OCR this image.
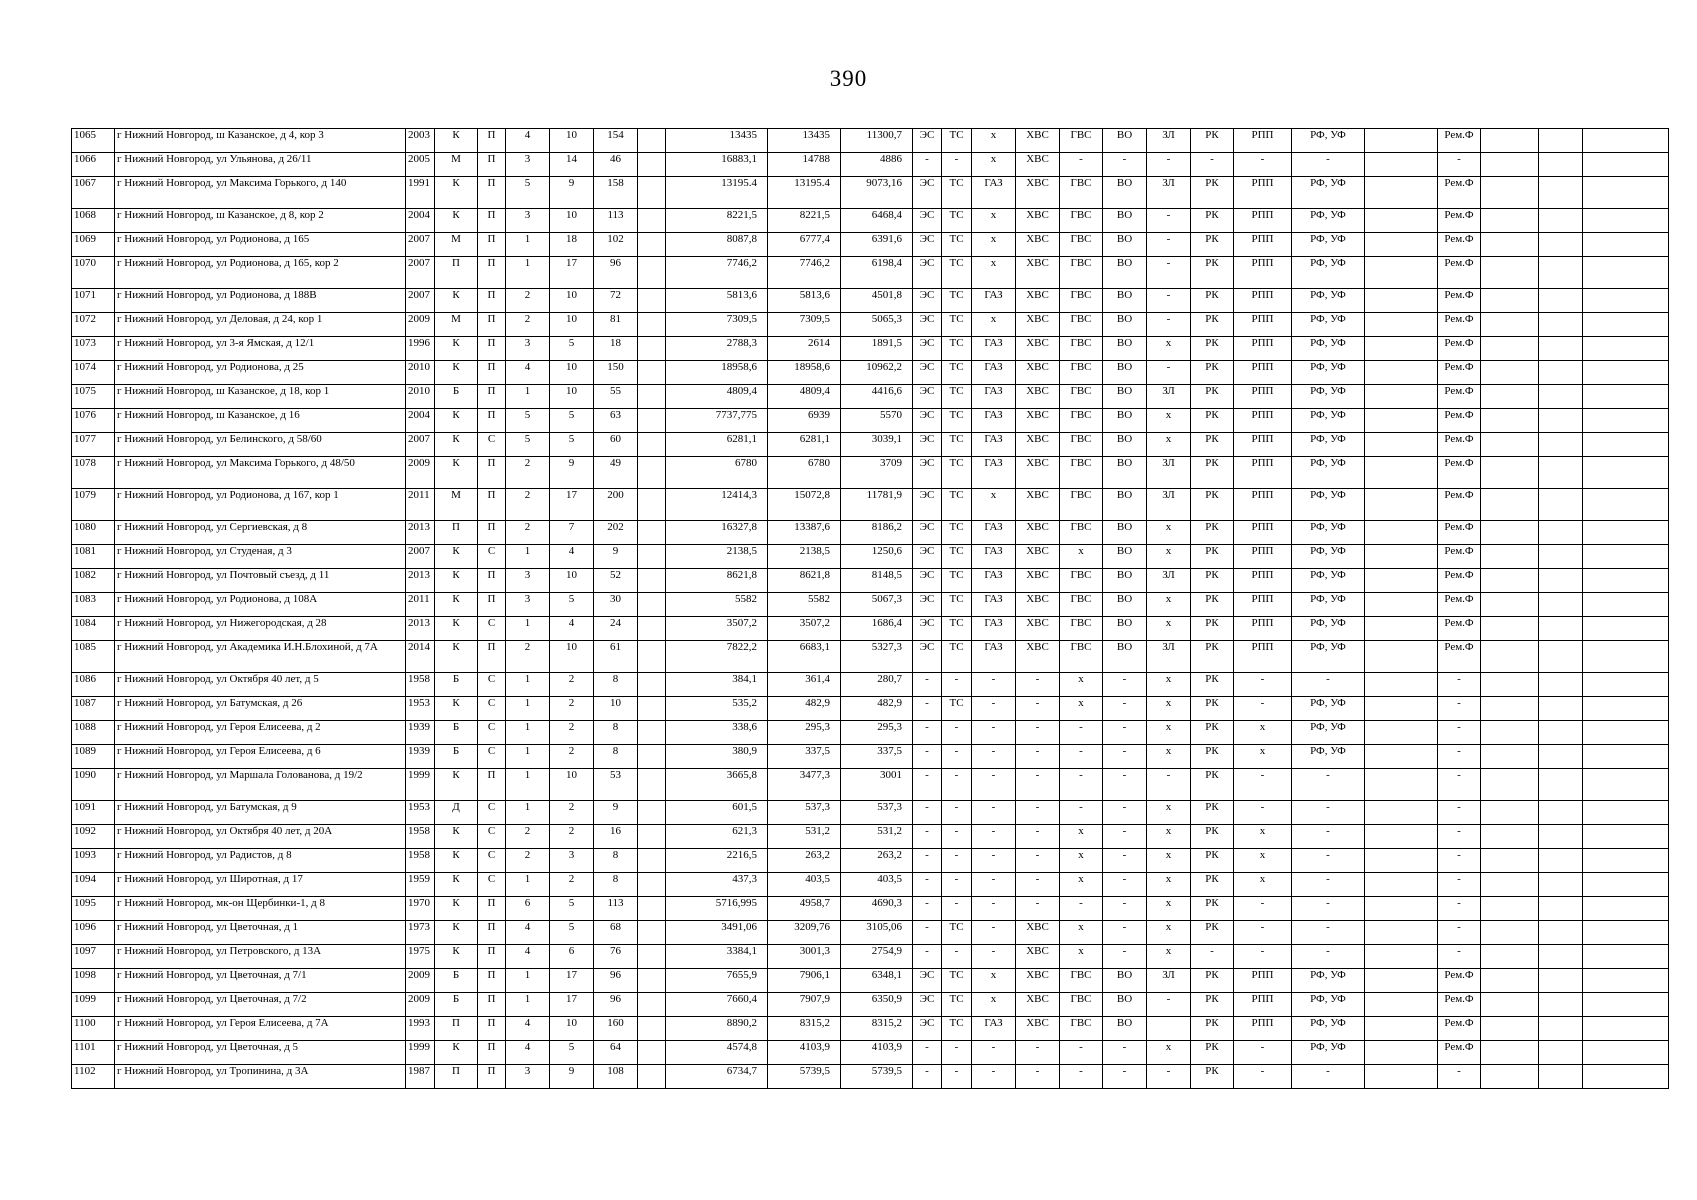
390
1065	г Нижний Новгород, ш Казанское, д 4, кор 3	2003	К	П	4	10	154		13435	13435	11300,7	ЭС	ТС	х	ХВС	ГВС	ВО	ЗЛ	РК	РПП	РФ, УФ		Рем.Ф			
1066	г Нижний Новгород, ул Ульянова, д 26/11	2005	М	П	3	14	46		16883,1	14788	4886	-	-	х	ХВС	-	-	-	-	-	-		-			
1067	г Нижний Новгород, ул Максима Горького, д 140	1991	К	П	5	9	158		13195.4	13195.4	9073,16	ЭС	ТС	ГАЗ	ХВС	ГВС	ВО	ЗЛ	РК	РПП	РФ, УФ		Рем.Ф			
1068	г Нижний Новгород, ш Казанское, д 8, кор 2	2004	К	П	3	10	113		8221,5	8221,5	6468,4	ЭС	ТС	х	ХВС	ГВС	ВО	-	РК	РПП	РФ, УФ		Рем.Ф			
1069	г Нижний Новгород, ул Родионова, д 165	2007	М	П	1	18	102		8087,8	6777,4	6391,6	ЭС	ТС	х	ХВС	ГВС	ВО	-	РК	РПП	РФ, УФ		Рем.Ф			
1070	г Нижний Новгород, ул Родионова, д 165, кор 2	2007	П	П	1	17	96		7746,2	7746,2	6198,4	ЭС	ТС	х	ХВС	ГВС	ВО	-	РК	РПП	РФ, УФ		Рем.Ф			
1071	г Нижний Новгород, ул Родионова, д 188В	2007	К	П	2	10	72		5813,6	5813,6	4501,8	ЭС	ТС	ГАЗ	ХВС	ГВС	ВО	-	РК	РПП	РФ, УФ		Рем.Ф			
1072	г Нижний Новгород, ул Деловая, д 24, кор 1	2009	М	П	2	10	81		7309,5	7309,5	5065,3	ЭС	ТС	х	ХВС	ГВС	ВО	-	РК	РПП	РФ, УФ		Рем.Ф			
1073	г Нижний Новгород, ул 3-я Ямская, д 12/1	1996	К	П	3	5	18		2788,3	2614	1891,5	ЭС	ТС	ГАЗ	ХВС	ГВС	ВО	х	РК	РПП	РФ, УФ		Рем.Ф			
1074	г Нижний Новгород, ул Родионова, д 25	2010	К	П	4	10	150		18958,6	18958,6	10962,2	ЭС	ТС	ГАЗ	ХВС	ГВС	ВО	-	РК	РПП	РФ, УФ		Рем.Ф			
1075	г Нижний Новгород, ш Казанское, д 18, кор 1	2010	Б	П	1	10	55		4809,4	4809,4	4416,6	ЭС	ТС	ГАЗ	ХВС	ГВС	ВО	ЗЛ	РК	РПП	РФ, УФ		Рем.Ф			
1076	г Нижний Новгород, ш Казанское, д 16	2004	К	П	5	5	63		7737,775	6939	5570	ЭС	ТС	ГАЗ	ХВС	ГВС	ВО	х	РК	РПП	РФ, УФ		Рем.Ф			
1077	г Нижний Новгород, ул Белинского, д 58/60	2007	К	С	5	5	60		6281,1	6281,1	3039,1	ЭС	ТС	ГАЗ	ХВС	ГВС	ВО	х	РК	РПП	РФ, УФ		Рем.Ф			
1078	г Нижний Новгород, ул Максима Горького, д 48/50	2009	К	П	2	9	49		6780	6780	3709	ЭС	ТС	ГАЗ	ХВС	ГВС	ВО	ЗЛ	РК	РПП	РФ, УФ		Рем.Ф			
1079	г Нижний Новгород, ул Родионова, д 167, кор 1	2011	М	П	2	17	200		12414,3	15072,8	11781,9	ЭС	ТС	х	ХВС	ГВС	ВО	ЗЛ	РК	РПП	РФ, УФ		Рем.Ф			
1080	г Нижний Новгород, ул Сергиевская, д 8	2013	П	П	2	7	202		16327,8	13387,6	8186,2	ЭС	ТС	ГАЗ	ХВС	ГВС	ВО	х	РК	РПП	РФ, УФ		Рем.Ф			
1081	г Нижний Новгород, ул Студеная, д 3	2007	К	С	1	4	9		2138,5	2138,5	1250,6	ЭС	ТС	ГАЗ	ХВС	х	ВО	х	РК	РПП	РФ, УФ		Рем.Ф			
1082	г Нижний Новгород, ул Почтовый съезд, д 11	2013	К	П	3	10	52		8621,8	8621,8	8148,5	ЭС	ТС	ГАЗ	ХВС	ГВС	ВО	ЗЛ	РК	РПП	РФ, УФ		Рем.Ф			
1083	г Нижний Новгород, ул Родионова, д 108А	2011	К	П	3	5	30		5582	5582	5067,3	ЭС	ТС	ГАЗ	ХВС	ГВС	ВО	х	РК	РПП	РФ, УФ		Рем.Ф			
1084	г Нижний Новгород, ул Нижегородская, д 28	2013	К	С	1	4	24		3507,2	3507,2	1686,4	ЭС	ТС	ГАЗ	ХВС	ГВС	ВО	х	РК	РПП	РФ, УФ		Рем.Ф			
1085	г Нижний Новгород, ул Академика И.Н.Блохиной, д 7А	2014	К	П	2	10	61		7822,2	6683,1	5327,3	ЭС	ТС	ГАЗ	ХВС	ГВС	ВО	ЗЛ	РК	РПП	РФ, УФ		Рем.Ф			
1086	г Нижний Новгород, ул Октября 40 лет, д 5	1958	Б	С	1	2	8		384,1	361,4	280,7	-	-	-	-	х	-	х	РК	-	-		-			
1087	г Нижний Новгород, ул Батумская, д 26	1953	К	С	1	2	10		535,2	482,9	482,9	-	ТС	-	-	х	-	х	РК	-	РФ, УФ		-			
1088	г Нижний Новгород, ул Героя Елисеева, д 2	1939	Б	С	1	2	8		338,6	295,3	295,3	-	-	-	-	-	-	х	РК	х	РФ, УФ		-			
1089	г Нижний Новгород, ул Героя Елисеева, д 6	1939	Б	С	1	2	8		380,9	337,5	337,5	-	-	-	-	-	-	х	РК	х	РФ, УФ		-			
1090	г Нижний Новгород, ул Маршала Голованова, д 19/2	1999	К	П	1	10	53		3665,8	3477,3	3001	-	-	-	-	-	-	-	РК	-	-		-			
1091	г Нижний Новгород, ул Батумская, д 9	1953	Д	С	1	2	9		601,5	537,3	537,3	-	-	-	-	-	-	х	РК	-	-		-			
1092	г Нижний Новгород, ул Октября 40 лет, д 20А	1958	К	С	2	2	16		621,3	531,2	531,2	-	-	-	-	х	-	х	РК	х	-		-			
1093	г Нижний Новгород, ул Радистов, д 8	1958	К	С	2	3	8		2216,5	263,2	263,2	-	-	-	-	х	-	х	РК	х	-		-			
1094	г Нижний Новгород, ул Широтная, д 17	1959	К	С	1	2	8		437,3	403,5	403,5	-	-	-	-	х	-	х	РК	х	-		-			
1095	г Нижний Новгород, мк-он Щербинки-1, д 8	1970	К	П	6	5	113		5716,995	4958,7	4690,3	-	-	-	-	-	-	х	РК	-	-		-			
1096	г Нижний Новгород, ул Цветочная, д 1	1973	К	П	4	5	68		3491,06	3209,76	3105,06	-	ТС	-	ХВС	х	-	х	РК	-	-		-			
1097	г Нижний Новгород, ул Петровского, д 13А	1975	К	П	4	6	76		3384,1	3001,3	2754,9	-	-	-	ХВС	х	-	х	-	-	-		-			
1098	г Нижний Новгород, ул Цветочная, д 7/1	2009	Б	П	1	17	96		7655,9	7906,1	6348,1	ЭС	ТС	х	ХВС	ГВС	ВО	ЗЛ	РК	РПП	РФ, УФ		Рем.Ф			
1099	г Нижний Новгород, ул Цветочная, д 7/2	2009	Б	П	1	17	96		7660,4	7907,9	6350,9	ЭС	ТС	х	ХВС	ГВС	ВО	-	РК	РПП	РФ, УФ		Рем.Ф			
1100	г Нижний Новгород, ул Героя Елисеева, д 7А	1993	П	П	4	10	160		8890,2	8315,2	8315,2	ЭС	ТС	ГАЗ	ХВС	ГВС	ВО		РК	РПП	РФ, УФ		Рем.Ф			
1101	г Нижний Новгород, ул Цветочная, д 5	1999	К	П	4	5	64		4574,8	4103,9	4103,9	-	-	-	-	-	-	х	РК	-	РФ, УФ		Рем.Ф			
1102	г Нижний Новгород, ул Тропинина, д 3А	1987	П	П	3	9	108		6734,7	5739,5	5739,5	-	-	-	-	-	-	-	РК	-	-		-			
